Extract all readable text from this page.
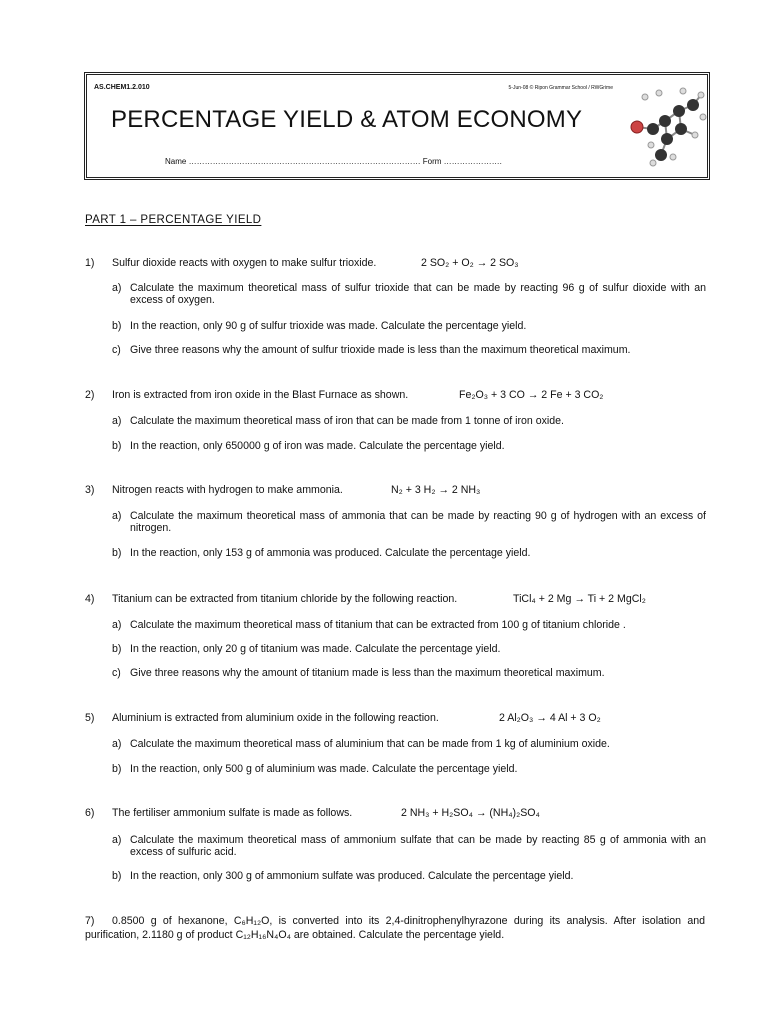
AS.CHEM1.2.010	5-Jun-08 © Ripon Grammar School / RWGrime
PERCENTAGE YIELD & ATOM ECONOMY
Name …………………………………………………………………………… Form ………………….
PART 1 – PERCENTAGE YIELD
1) Sulfur dioxide reacts with oxygen to make sulfur trioxide.	2 SO₂ + O₂ → 2 SO₃
a) Calculate the maximum theoretical mass of sulfur trioxide that can be made by reacting 96 g of sulfur dioxide with an excess of oxygen.
b) In the reaction, only 90 g of sulfur trioxide was made. Calculate the percentage yield.
c) Give three reasons why the amount of sulfur trioxide made is less than the maximum theoretical maximum.
2) Iron is extracted from iron oxide in the Blast Furnace as shown.	Fe₂O₃ + 3 CO → 2 Fe + 3 CO₂
a) Calculate the maximum theoretical mass of iron that can be made from 1 tonne of iron oxide.
b) In the reaction, only 650000 g of iron was made. Calculate the percentage yield.
3) Nitrogen reacts with hydrogen to make ammonia.	N₂ + 3 H₂ → 2 NH₃
a) Calculate the maximum theoretical mass of ammonia that can be made by reacting 90 g of hydrogen with an excess of nitrogen.
b) In the reaction, only 153 g of ammonia was produced. Calculate the percentage yield.
4) Titanium can be extracted from titanium chloride by the following reaction.	TiCl₄ + 2 Mg → Ti + 2 MgCl₂
a) Calculate the maximum theoretical mass of titanium that can be extracted from 100 g of titanium chloride .
b) In the reaction, only 20 g of titanium was made. Calculate the percentage yield.
c) Give three reasons why the amount of titanium made is less than the maximum theoretical maximum.
5) Aluminium is extracted from aluminium oxide in the following reaction.	2 Al₂O₃ → 4 Al + 3 O₂
a) Calculate the maximum theoretical mass of aluminium that can be made from 1 kg of aluminium oxide.
b) In the reaction, only 500 g of aluminium was made. Calculate the percentage yield.
6) The fertiliser ammonium sulfate is made as follows.	2 NH₃ + H₂SO₄ → (NH₄)₂SO₄
a) Calculate the maximum theoretical mass of ammonium sulfate that can be made by reacting 85 g of ammonia with an excess of sulfuric acid.
b) In the reaction, only 300 g of ammonium sulfate was produced. Calculate the percentage yield.
7) 0.8500 g of hexanone, C₆H₁₂O, is converted into its 2,4-dinitrophenylhyrazone during its analysis. After isolation and purification, 2.1180 g of product C₁₂H₁₆N₄O₄ are obtained. Calculate the percentage yield.
